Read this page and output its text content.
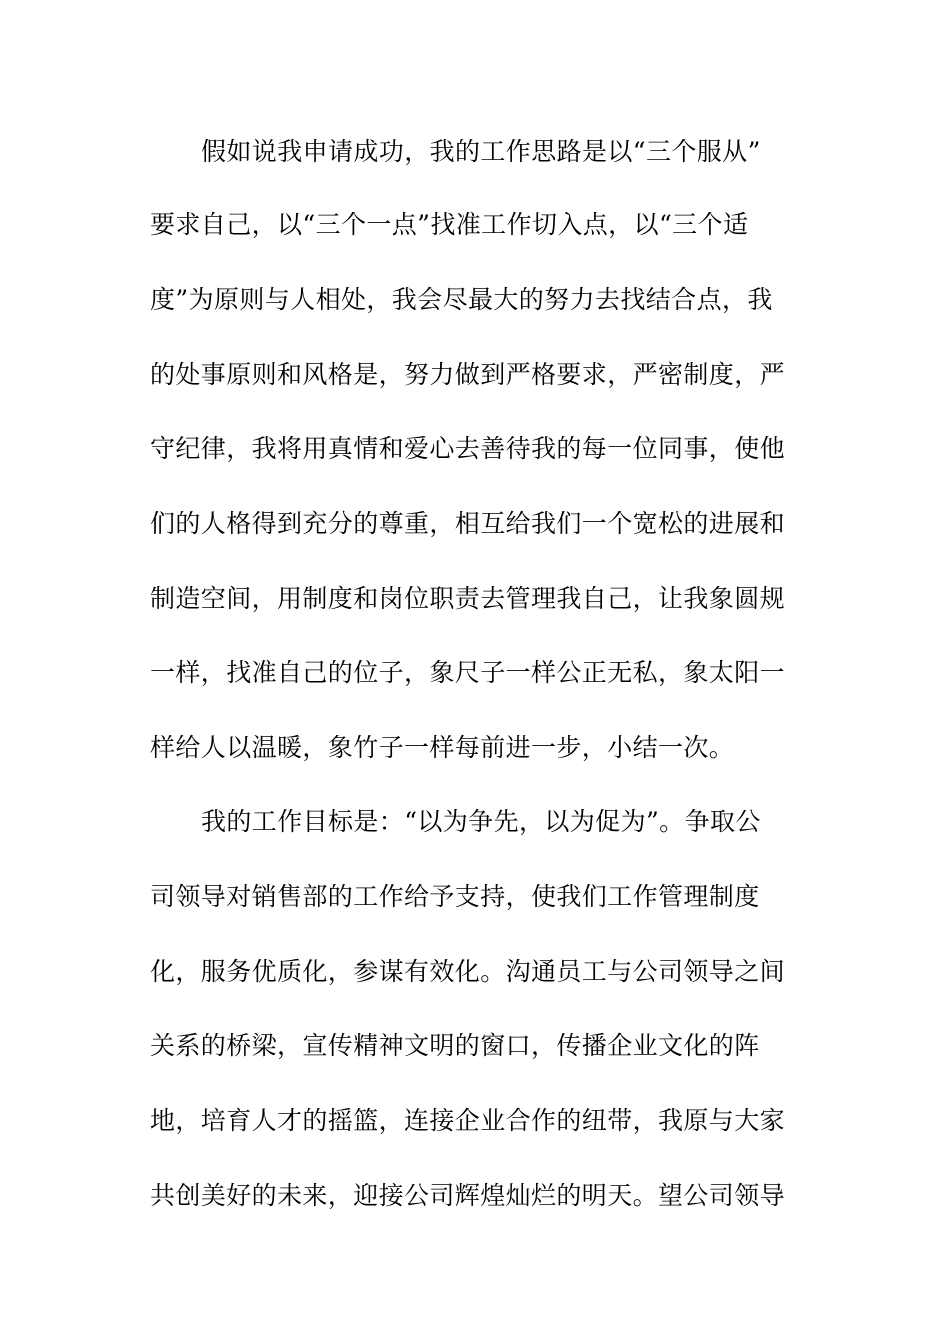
假如说我申请成功，我的工作思路是以“三个服从”
要求自己，以“三个一点”找准工作切入点，以“三个适
度”为原则与人相处，我会尽最大的努力去找结合点，我
的处事原则和风格是，努力做到严格要求，严密制度，严
守纪律，我将用真情和爱心去善待我的每一位同事，使他
们的人格得到充分的尊重，相互给我们一个宽松的进展和
制造空间，用制度和岗位职责去管理我自己，让我象圆规
一样，找准自己的位子，象尺子一样公正无私，象太阳一
样给人以温暖，象竹子一样每前进一步，小结一次。
我的工作目标是：“以为争先，以为促为”。争取公
司领导对销售部的工作给予支持，使我们工作管理制度
化，服务优质化，参谋有效化。沟通员工与公司领导之间
关系的桥梁，宣传精神文明的窗口，传播企业文化的阵
地，培育人才的摇篮，连接企业合作的纽带，我原与大家
共创美好的未来，迎接公司辉煌灿烂的明天。望公司领导
